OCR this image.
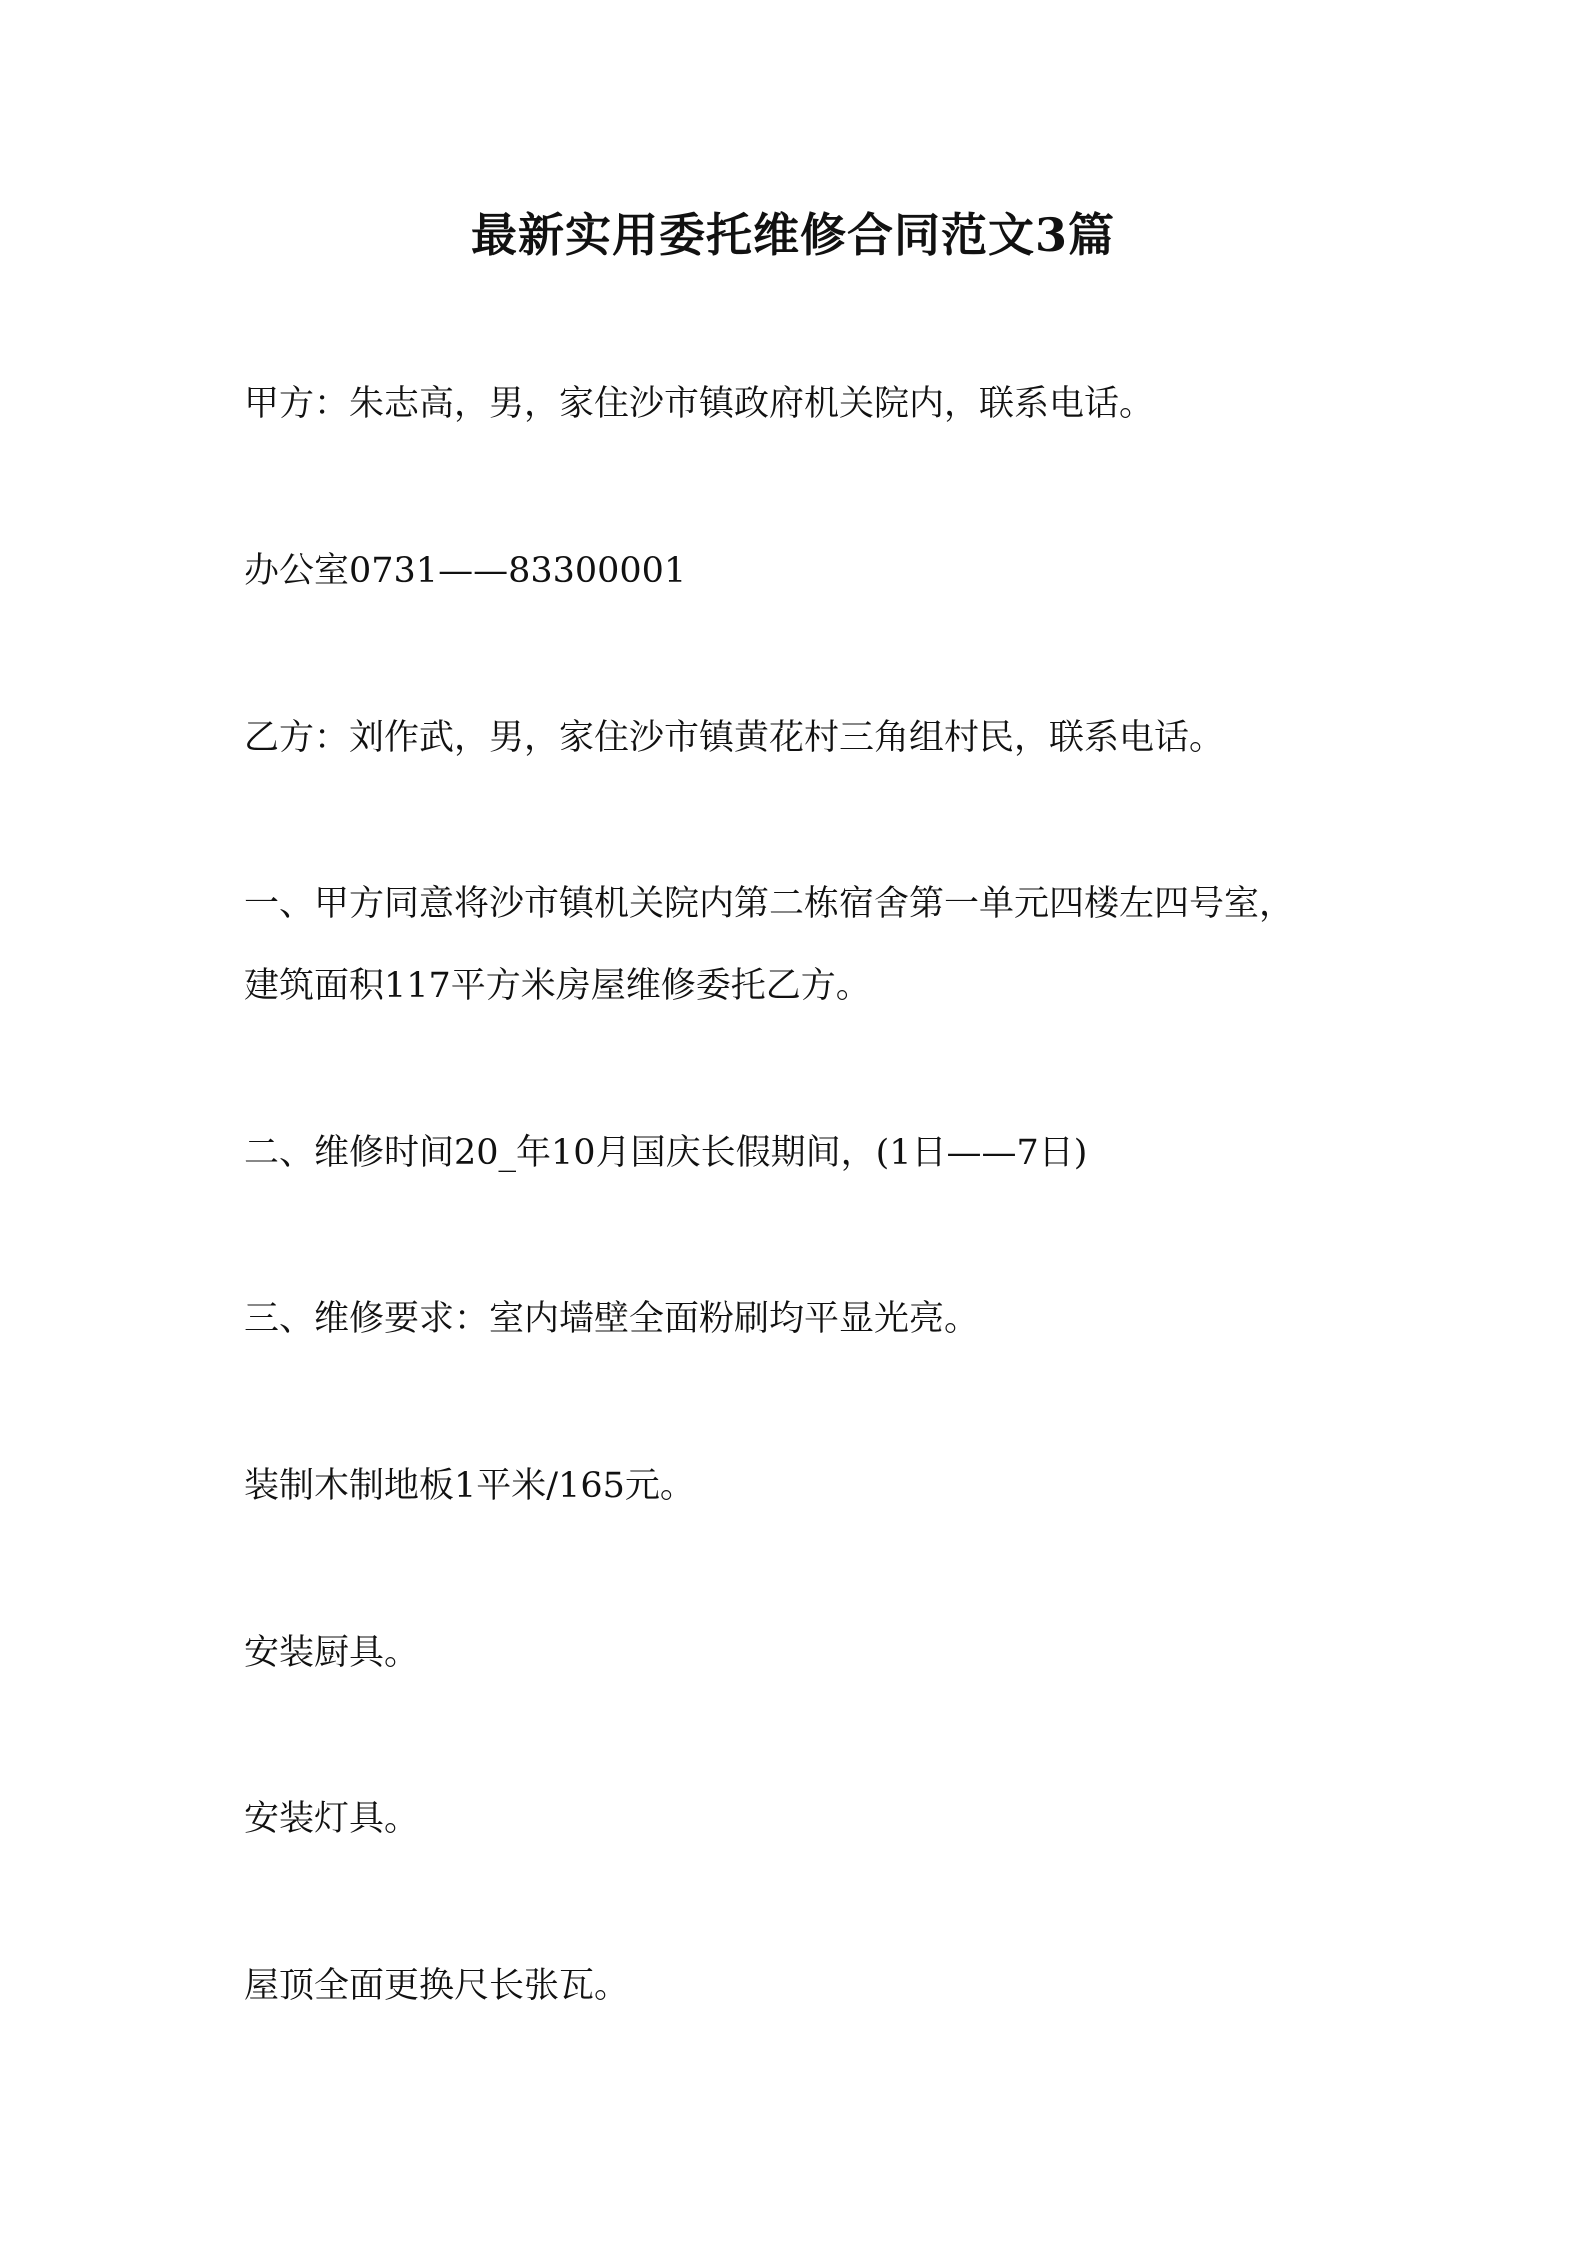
最新实用委托维修合同范文3篇

甲方：朱志高，男，家住沙市镇政府机关院内，联系电话。

办公室0731——83300001

乙方：刘作武，男，家住沙市镇黄花村三角组村民，联系电话。

一、甲方同意将沙市镇机关院内第二栋宿舍第一单元四楼左四号室，

建筑面积117平方米房屋维修委托乙方。

二、维修时间20_年10月国庆长假期间，(1日——7日)

三、维修要求：室内墙壁全面粉刷均平显光亮。

装制木制地板1平米/165元。

安装厨具。

安装灯具。

屋顶全面更换尺长张瓦。
